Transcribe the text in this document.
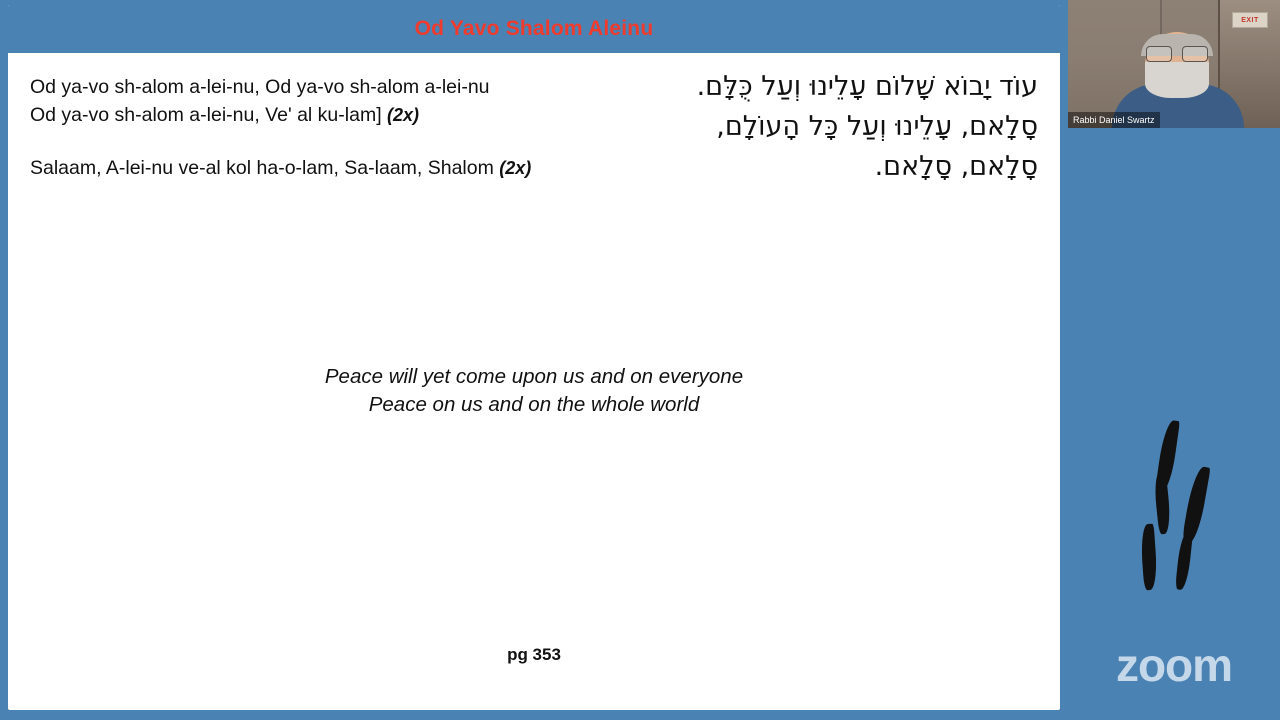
Od Yavo Shalom Aleinu
Od ya-vo sh-alom a-lei-nu, Od ya-vo sh-alom a-lei-nu
Od ya-vo sh-alom a-lei-nu, Ve' al ku-lam] (2x)
Salaam, A-lei-nu ve-al kol ha-o-lam, Sa-laam, Shalom (2x)
עוֹד יָבוֹא שָׁלוֹם עָלֵינוּ וְעַל כֻּלָּם.
סָלָאם, עָלֵינוּ וְעַל כָּל הָעוֹלָם,
סָלָאם, סָלָאם.
Peace will yet come upon us and on everyone
Peace on us and on the whole world
pg 353
EXIT
Rabbi Daniel Swartz
zoom
